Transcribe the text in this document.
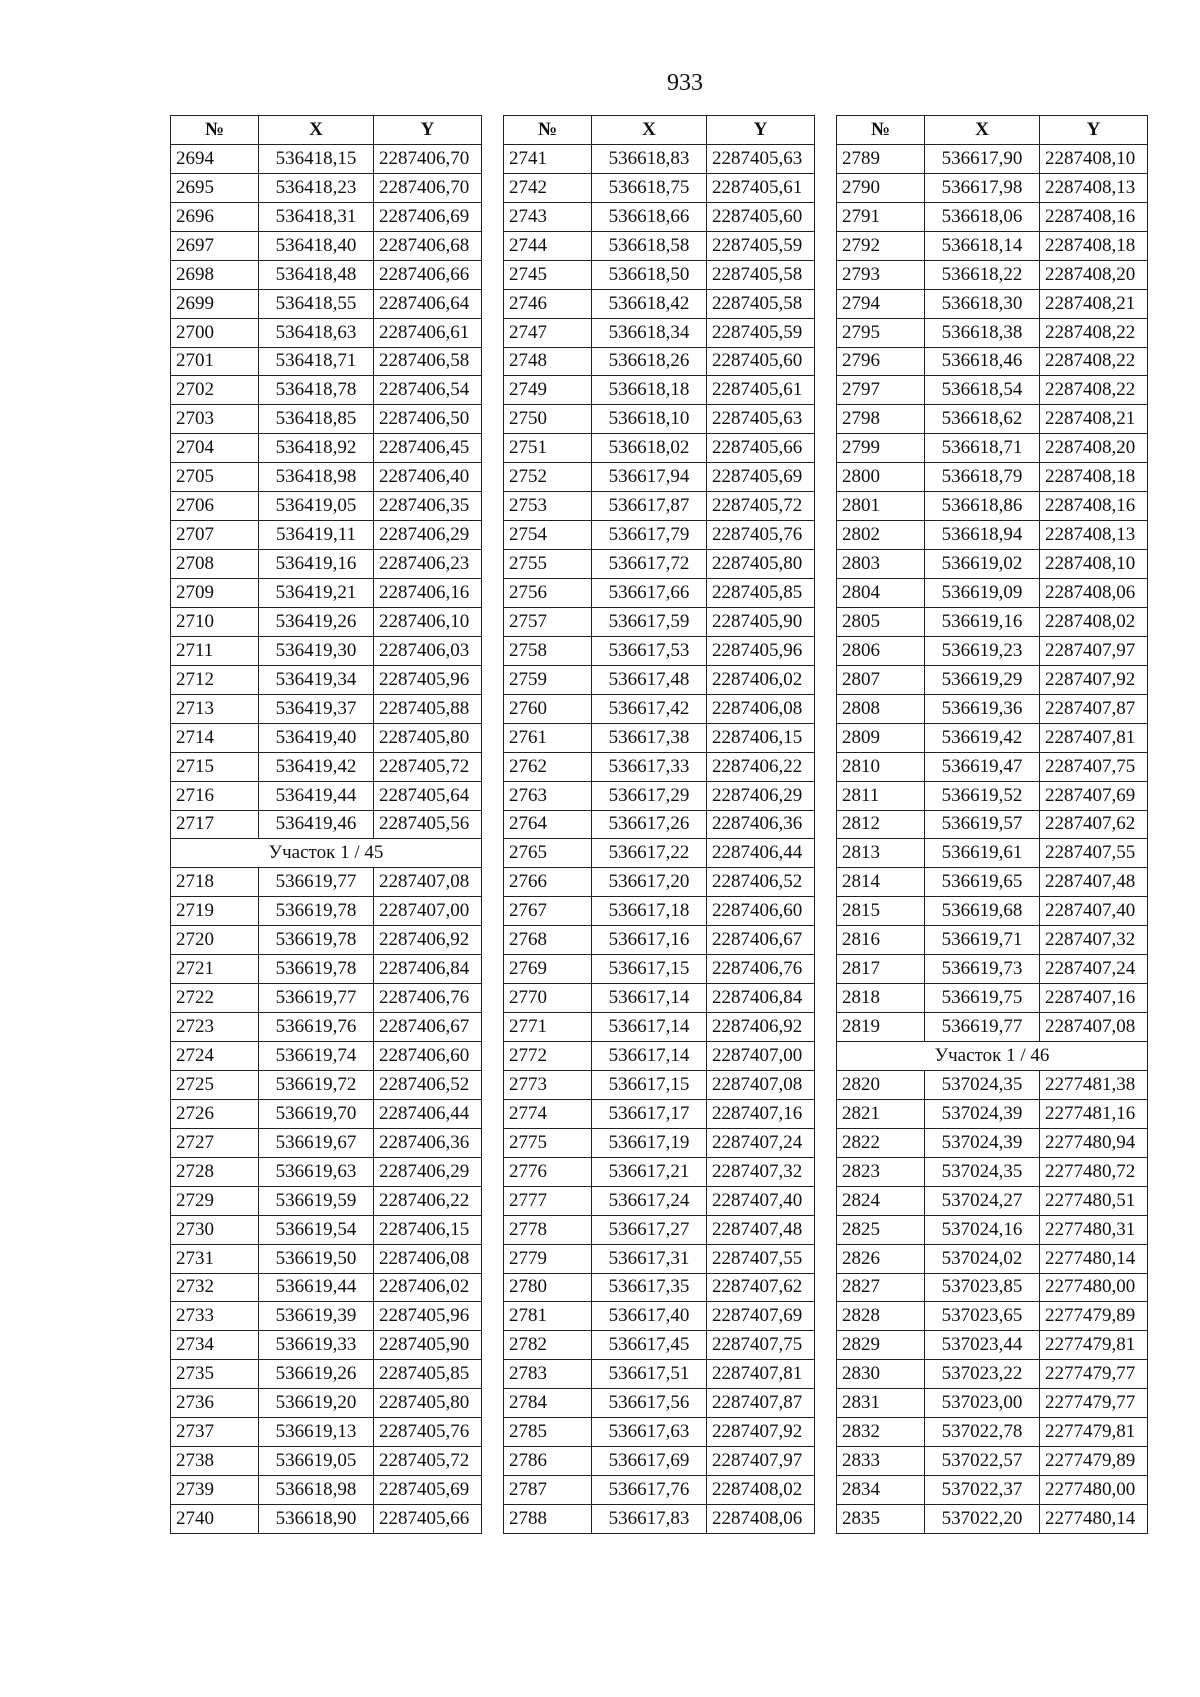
933
№	X	Y
2694	536418,15	2287406,70
2695	536418,23	2287406,70
2696	536418,31	2287406,69
2697	536418,40	2287406,68
2698	536418,48	2287406,66
2699	536418,55	2287406,64
2700	536418,63	2287406,61
2701	536418,71	2287406,58
2702	536418,78	2287406,54
2703	536418,85	2287406,50
2704	536418,92	2287406,45
2705	536418,98	2287406,40
2706	536419,05	2287406,35
2707	536419,11	2287406,29
2708	536419,16	2287406,23
2709	536419,21	2287406,16
2710	536419,26	2287406,10
2711	536419,30	2287406,03
2712	536419,34	2287405,96
2713	536419,37	2287405,88
2714	536419,40	2287405,80
2715	536419,42	2287405,72
2716	536419,44	2287405,64
2717	536419,46	2287405,56
Участок 1 / 45		
2718	536619,77	2287407,08
2719	536619,78	2287407,00
2720	536619,78	2287406,92
2721	536619,78	2287406,84
2722	536619,77	2287406,76
2723	536619,76	2287406,67
2724	536619,74	2287406,60
2725	536619,72	2287406,52
2726	536619,70	2287406,44
2727	536619,67	2287406,36
2728	536619,63	2287406,29
2729	536619,59	2287406,22
2730	536619,54	2287406,15
2731	536619,50	2287406,08
2732	536619,44	2287406,02
2733	536619,39	2287405,96
2734	536619,33	2287405,90
2735	536619,26	2287405,85
2736	536619,20	2287405,80
2737	536619,13	2287405,76
2738	536619,05	2287405,72
2739	536618,98	2287405,69
2740	536618,90	2287405,66
№	X	Y
2741	536618,83	2287405,63
2742	536618,75	2287405,61
2743	536618,66	2287405,60
2744	536618,58	2287405,59
2745	536618,50	2287405,58
2746	536618,42	2287405,58
2747	536618,34	2287405,59
2748	536618,26	2287405,60
2749	536618,18	2287405,61
2750	536618,10	2287405,63
2751	536618,02	2287405,66
2752	536617,94	2287405,69
2753	536617,87	2287405,72
2754	536617,79	2287405,76
2755	536617,72	2287405,80
2756	536617,66	2287405,85
2757	536617,59	2287405,90
2758	536617,53	2287405,96
2759	536617,48	2287406,02
2760	536617,42	2287406,08
2761	536617,38	2287406,15
2762	536617,33	2287406,22
2763	536617,29	2287406,29
2764	536617,26	2287406,36
2765	536617,22	2287406,44
2766	536617,20	2287406,52
2767	536617,18	2287406,60
2768	536617,16	2287406,67
2769	536617,15	2287406,76
2770	536617,14	2287406,84
2771	536617,14	2287406,92
2772	536617,14	2287407,00
2773	536617,15	2287407,08
2774	536617,17	2287407,16
2775	536617,19	2287407,24
2776	536617,21	2287407,32
2777	536617,24	2287407,40
2778	536617,27	2287407,48
2779	536617,31	2287407,55
2780	536617,35	2287407,62
2781	536617,40	2287407,69
2782	536617,45	2287407,75
2783	536617,51	2287407,81
2784	536617,56	2287407,87
2785	536617,63	2287407,92
2786	536617,69	2287407,97
2787	536617,76	2287408,02
2788	536617,83	2287408,06
№	X	Y
2789	536617,90	2287408,10
2790	536617,98	2287408,13
2791	536618,06	2287408,16
2792	536618,14	2287408,18
2793	536618,22	2287408,20
2794	536618,30	2287408,21
2795	536618,38	2287408,22
2796	536618,46	2287408,22
2797	536618,54	2287408,22
2798	536618,62	2287408,21
2799	536618,71	2287408,20
2800	536618,79	2287408,18
2801	536618,86	2287408,16
2802	536618,94	2287408,13
2803	536619,02	2287408,10
2804	536619,09	2287408,06
2805	536619,16	2287408,02
2806	536619,23	2287407,97
2807	536619,29	2287407,92
2808	536619,36	2287407,87
2809	536619,42	2287407,81
2810	536619,47	2287407,75
2811	536619,52	2287407,69
2812	536619,57	2287407,62
2813	536619,61	2287407,55
2814	536619,65	2287407,48
2815	536619,68	2287407,40
2816	536619,71	2287407,32
2817	536619,73	2287407,24
2818	536619,75	2287407,16
2819	536619,77	2287407,08
Участок 1 / 46		
2820	537024,35	2277481,38
2821	537024,39	2277481,16
2822	537024,39	2277480,94
2823	537024,35	2277480,72
2824	537024,27	2277480,51
2825	537024,16	2277480,31
2826	537024,02	2277480,14
2827	537023,85	2277480,00
2828	537023,65	2277479,89
2829	537023,44	2277479,81
2830	537023,22	2277479,77
2831	537023,00	2277479,77
2832	537022,78	2277479,81
2833	537022,57	2277479,89
2834	537022,37	2277480,00
2835	537022,20	2277480,14
